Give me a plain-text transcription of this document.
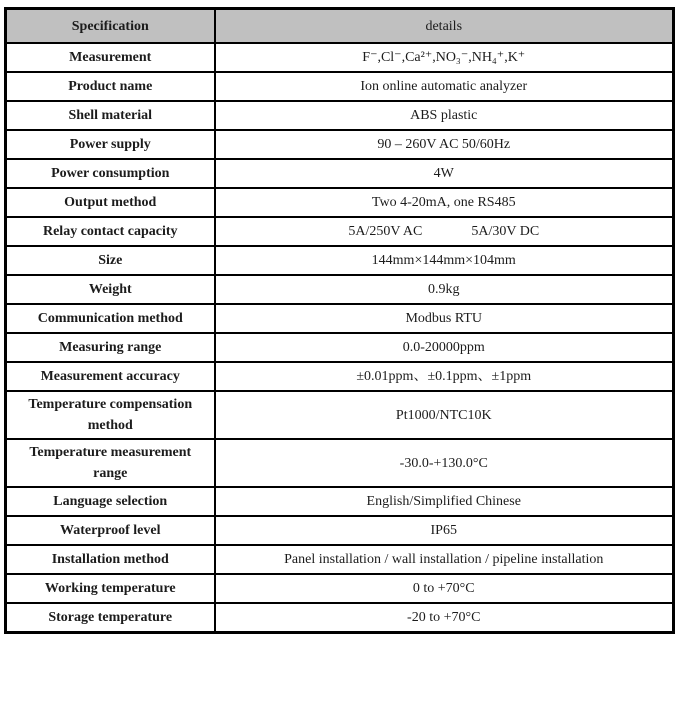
Specification	details
Measurement	F⁻,Cl⁻,Ca²⁺,NO₃⁻,NH₄⁺,K⁺
Product name	Ion online automatic analyzer
Shell material	ABS plastic
Power supply	90 – 260V AC 50/60Hz
Power consumption	4W
Output method	Two 4-20mA, one RS485
Relay contact capacity	5A/250V AC              5A/30V DC
Size	144mm×144mm×104mm
Weight	0.9kg
Communication method	Modbus RTU
Measuring range	0.0-20000ppm
Measurement accuracy	±0.01ppm、±0.1ppm、±1ppm
Temperature compensation method	Pt1000/NTC10K
Temperature measurement range	-30.0-+130.0°C
Language selection	English/Simplified Chinese
Waterproof level	IP65
Installation method	Panel installation / wall installation / pipeline installation
Working temperature	0 to +70°C
Storage temperature	-20 to +70°C
